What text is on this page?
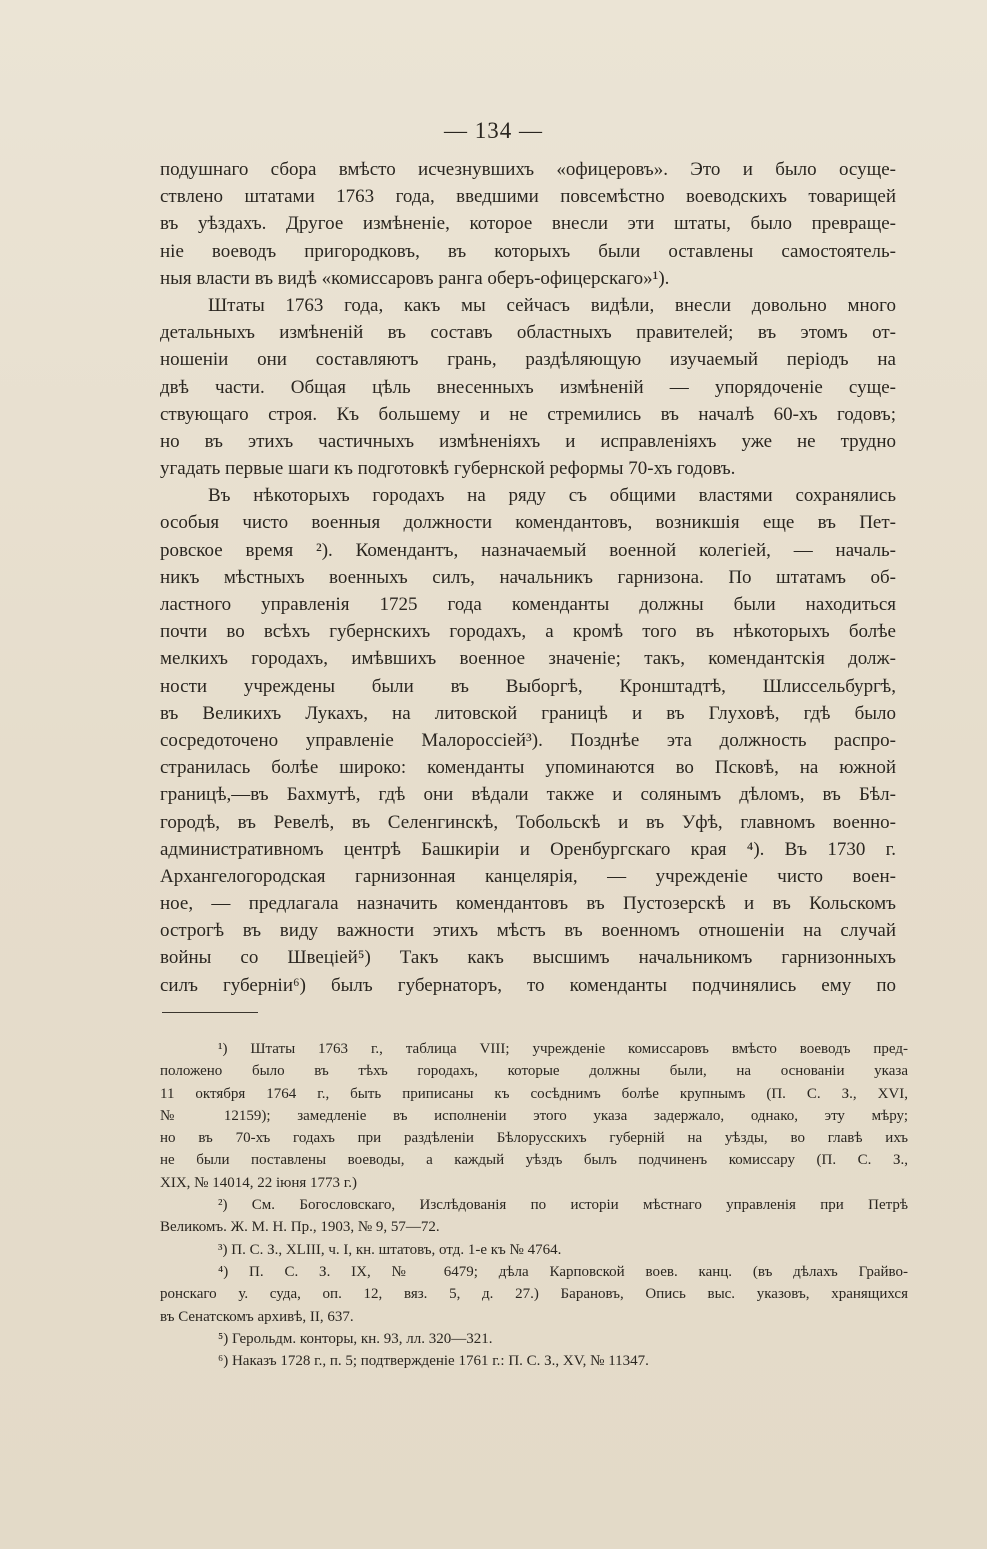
— 134 —
подушнаго сбора вмѣсто исчезнувшихъ «офицеровъ». Это и было осуще-
ствлено штатами 1763 года, введшими повсемѣстно воеводскихъ товарищей
въ уѣздахъ. Другое измѣненіе, которое внесли эти штаты, было превраще-
ніе воеводъ пригородковъ, въ которыхъ были оставлены самостоятель-
ныя власти въ видѣ «комиссаровъ ранга оберъ-офицерскаго»¹).
Штаты 1763 года, какъ мы сейчасъ видѣли, внесли довольно много
детальныхъ измѣненій въ составъ областныхъ правителей; въ этомъ от-
ношеніи они составляютъ грань, раздѣляющую изучаемый періодъ на
двѣ части. Общая цѣль внесенныхъ измѣненій — упорядоченіе суще-
ствующаго строя. Къ большему и не стремились въ началѣ 60-хъ годовъ;
но въ этихъ частичныхъ измѣненіяхъ и исправленіяхъ уже не трудно
угадать первые шаги къ подготовкѣ губернской реформы 70-хъ годовъ.
Въ нѣкоторыхъ городахъ на ряду съ общими властями сохранялись
особыя чисто военныя должности комендантовъ, возникшія еще въ Пет-
ровское время ²). Комендантъ, назначаемый военной колегіей, — началь-
никъ мѣстныхъ военныхъ силъ, начальникъ гарнизона. По штатамъ об-
ластного управленія 1725 года коменданты должны были находиться
почти во всѣхъ губернскихъ городахъ, а кромѣ того въ нѣкоторыхъ болѣе
мелкихъ городахъ, имѣвшихъ военное значеніе; такъ, комендантскія долж-
ности учреждены были въ Выборгѣ, Кронштадтѣ, Шлиссельбургѣ,
въ Великихъ Лукахъ, на литовской границѣ и въ Глуховѣ, гдѣ было
сосредоточено управленіе Малороссіей³). Позднѣе эта должность распро-
странилась болѣе широко: коменданты упоминаются во Псковѣ, на южной
границѣ,—въ Бахмутѣ, гдѣ они вѣдали также и солянымъ дѣломъ, въ Бѣл-
городѣ, въ Ревелѣ, въ Селенгинскѣ, Тобольскѣ и въ Уфѣ, главномъ военно-
административномъ центрѣ Башкиріи и Оренбургскаго края ⁴). Въ 1730 г.
Архангелогородская гарнизонная канцелярія, — учрежденіе чисто воен-
ное, — предлагала назначить комендантовъ въ Пустозерскѣ и въ Кольскомъ
острогѣ въ виду важности этихъ мѣстъ въ военномъ отношеніи на случай
войны со Швеціей⁵) Такъ какъ высшимъ начальникомъ гарнизонныхъ
силъ губерніи⁶) былъ губернаторъ, то коменданты подчинялись ему по
¹) Штаты 1763 г., таблица VIII; учрежденіе комиссаровъ вмѣсто воеводъ пред-
положено было въ тѣхъ городахъ, которые должны были, на основаніи указа
11 октября 1764 г., быть приписаны къ сосѣднимъ болѣе крупнымъ (П. С. З., XVI,
№ 12159); замедленіе въ исполненіи этого указа задержало, однако, эту мѣру;
но въ 70-хъ годахъ при раздѣленіи Бѣлорусскихъ губерній на уѣзды, во главѣ ихъ
не были поставлены воеводы, а каждый уѣздъ былъ подчиненъ комиссару (П. С. З.,
XIX, № 14014, 22 іюня 1773 г.)
²) См. Богословскаго, Изслѣдованія по исторіи мѣстнаго управленія при Петрѣ
Великомъ. Ж. М. Н. Пр., 1903, № 9, 57—72.
³) П. С. З., XLIII, ч. I, кн. штатовъ, отд. 1-е къ № 4764.
⁴) П. С. З. IX, № 6479; дѣла Карповской воев. канц. (въ дѣлахъ Грайво-
ронскаго у. суда, оп. 12, вяз. 5, д. 27.) Барановъ, Опись выс. указовъ, хранящихся
въ Сенатскомъ архивѣ, II, 637.
⁵) Герольдм. конторы, кн. 93, лл. 320—321.
⁶) Наказъ 1728 г., п. 5; подтвержденіе 1761 г.: П. С. З., XV, № 11347.
